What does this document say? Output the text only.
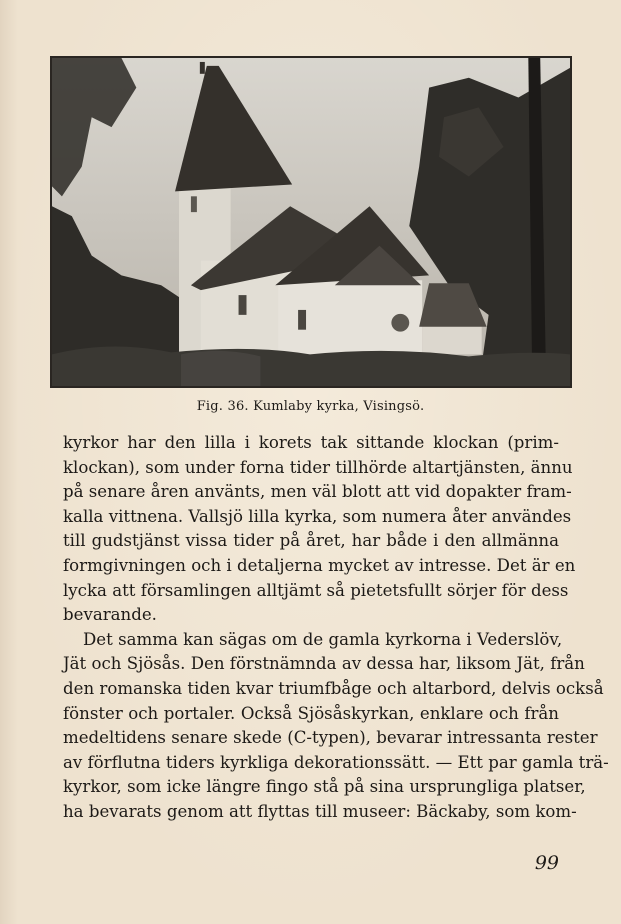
Fig. 36. Kumlaby kyrka, Visingsö.
kyrkor har den lilla i korets tak sittande klockan (prim-
klockan), som under forna tider tillhörde altartjänsten, ännu
på senare åren använts, men väl blott att vid dopakter fram-
kalla vittnena. Vallsjö lilla kyrka, som numera åter användes
till gudstjänst vissa tider på året, har både i den allmänna
formgivningen och i detaljerna mycket av intresse. Det är en
lycka att församlingen alltjämt så pietetsfullt sörjer för dess
bevarande.
Det samma kan sägas om de gamla kyrkorna i Vederslöv,
Jät och Sjösås. Den förstnämnda av dessa har, liksom Jät, från
den romanska tiden kvar triumfbåge och altarbord, delvis också
fönster och portaler. Också Sjösåskyrkan, enklare och från
medeltidens senare skede (C-typen), bevarar intressanta rester
av förflutna tiders kyrkliga dekorationssätt. — Ett par gamla trä-
kyrkor, som icke längre fingo stå på sina ursprungliga platser,
ha bevarats genom att flyttas till museer: Bäckaby, som kom-
99
